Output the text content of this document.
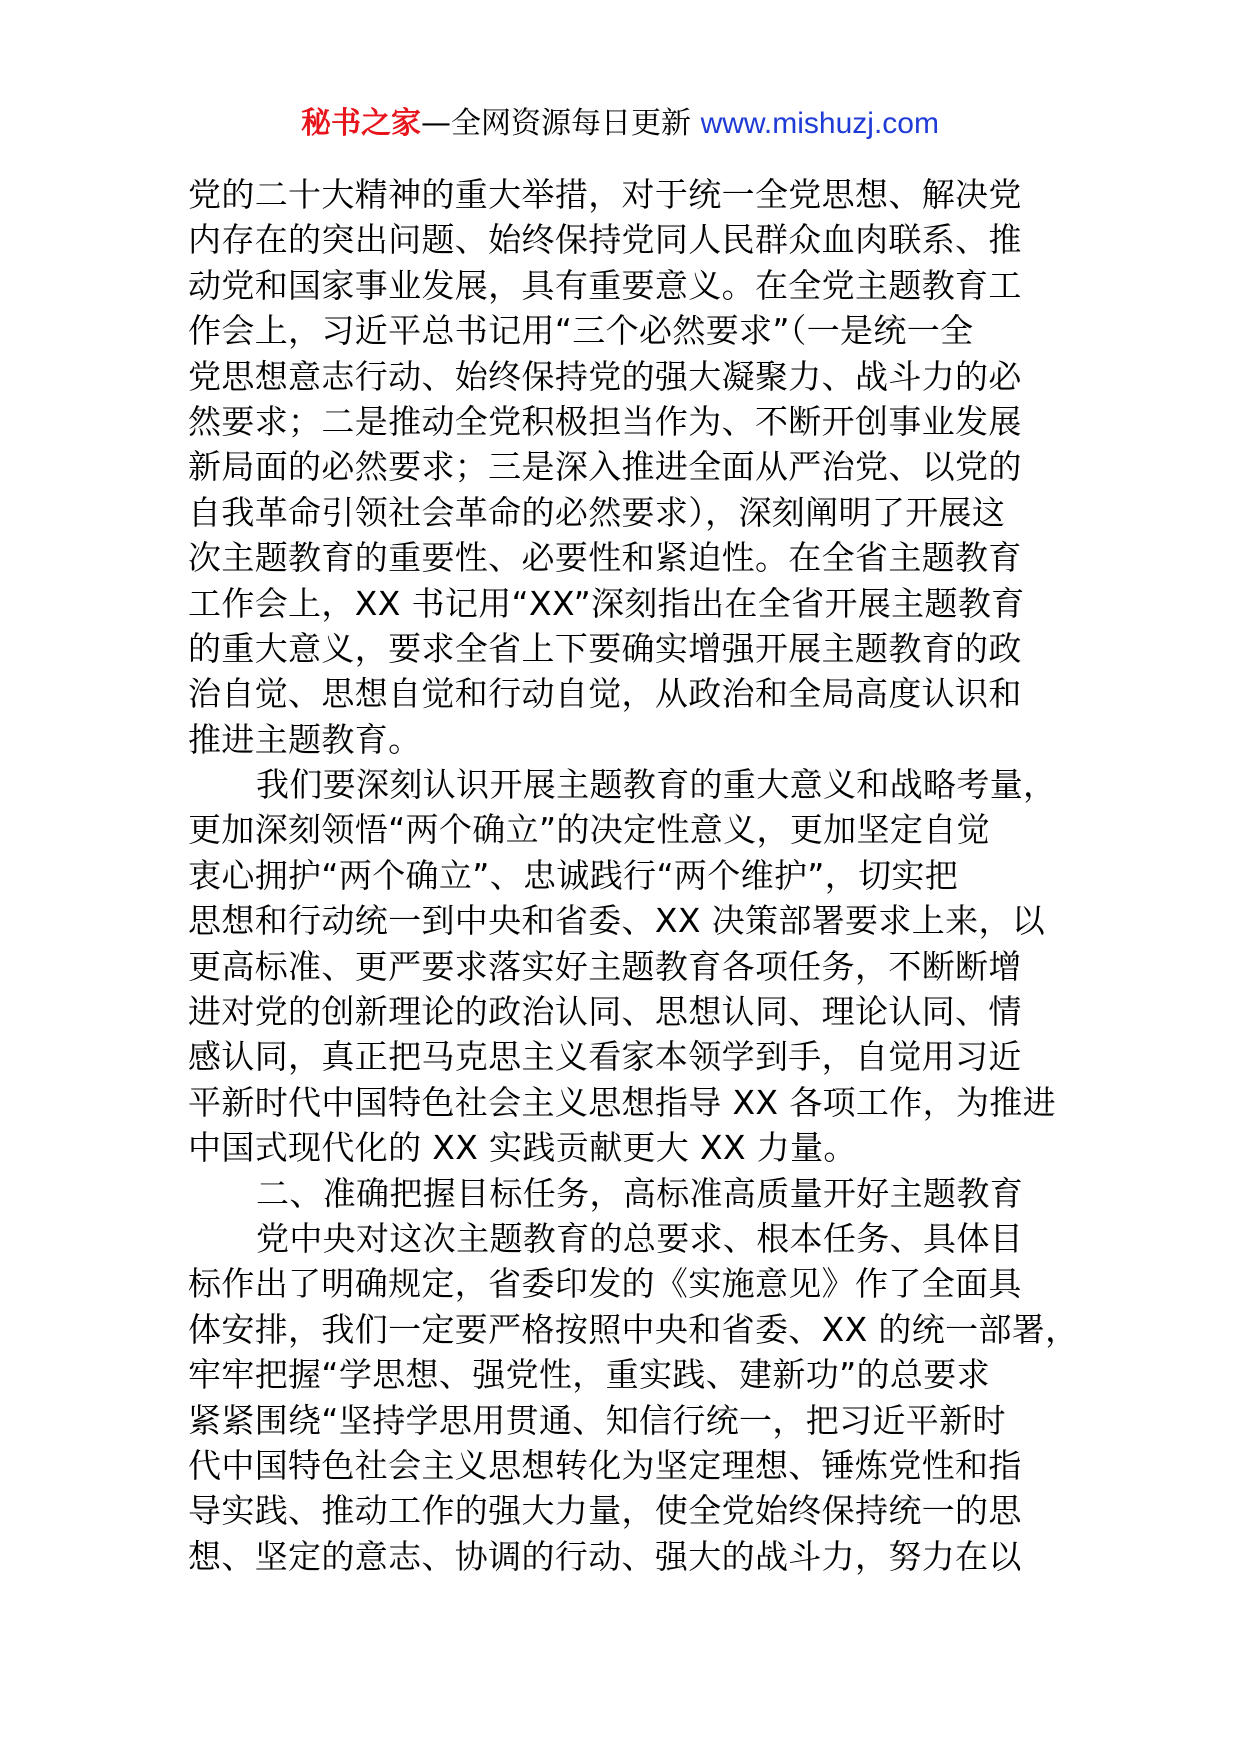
秘书之家—全网资源每日更新 www.mishuzj.com
党的二十大精神的重大举措，对于统一全党思想、解决党
内存在的突出问题、始终保持党同人民群众血肉联系、推
动党和国家事业发展，具有重要意义。在全党主题教育工
作会上，习近平总书记用“三个必然要求”（一是统一全
党思想意志行动、始终保持党的强大凝聚力、战斗力的必
然要求；二是推动全党积极担当作为、不断开创事业发展
新局面的必然要求；三是深入推进全面从严治党、以党的
自我革命引领社会革命的必然要求），深刻阐明了开展这
次主题教育的重要性、必要性和紧迫性。在全省主题教育
工作会上，XX 书记用“XX”深刻指出在全省开展主题教育
的重大意义，要求全省上下要确实增强开展主题教育的政
治自觉、思想自觉和行动自觉，从政治和全局高度认识和
推进主题教育。
我们要深刻认识开展主题教育的重大意义和战略考量，
更加深刻领悟“两个确立”的决定性意义，更加坚定自觉
衷心拥护“两个确立”、忠诚践行“两个维护”，切实把
思想和行动统一到中央和省委、XX 决策部署要求上来，以
更高标准、更严要求落实好主题教育各项任务，不断断增
进对党的创新理论的政治认同、思想认同、理论认同、情
感认同，真正把马克思主义看家本领学到手，自觉用习近
平新时代中国特色社会主义思想指导 XX 各项工作，为推进
中国式现代化的 XX 实践贡献更大 XX 力量。
二、准确把握目标任务，高标准高质量开好主题教育
党中央对这次主题教育的总要求、根本任务、具体目
标作出了明确规定，省委印发的《实施意见》作了全面具
体安排，我们一定要严格按照中央和省委、XX 的统一部署，
牢牢把握“学思想、强党性，重实践、建新功”的总要求
紧紧围绕“坚持学思用贯通、知信行统一，把习近平新时
代中国特色社会主义思想转化为坚定理想、锤炼党性和指
导实践、推动工作的强大力量，使全党始终保持统一的思
想、坚定的意志、协调的行动、强大的战斗力，努力在以
